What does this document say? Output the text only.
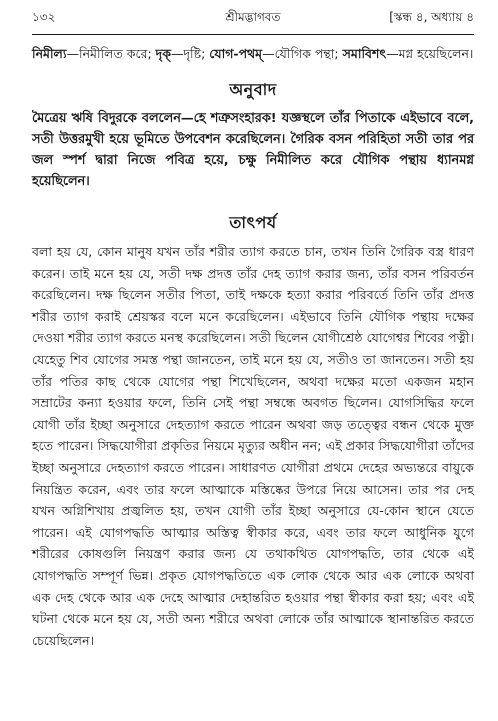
১৩২	শ্রীমদ্ভাগবত	[স্কন্ধ ৪, অধ্যায় ৪
নিমীল্য—নিমীলিত করে; দৃক্—দৃষ্টি; যোগ-পথম্—যৌগিক পন্থা; সমাবিশৎ—মগ্ন হয়েছিলেন।
অনুবাদ

মৈত্রেয় ঋষি বিদুরকে বললেন—হে শত্রুসংহারক! যজ্ঞস্থলে তাঁর পিতাকে এইভাবে বলে, সতী উত্তরমুখী হয়ে ভূমিতে উপবেশন করেছিলেন। গৈরিক বসন পরিহিতা সতী তার পর জল স্পর্শ দ্বারা নিজে পবিত্র হয়ে, চক্ষু নিমীলিত করে যৌগিক পন্থায় ধ্যানমগ্ন হয়েছিলেন।

তাৎপর্য

বলা হয় যে, কোন মানুষ যখন তাঁর শরীর ত্যাগ করতে চান, তখন তিনি গৈরিক বস্ত্র ধারণ করেন। তাই মনে হয় যে, সতী দক্ষ প্রদত্ত তাঁর দেহ ত্যাগ করার জন্য, তাঁর বসন পরিবর্তন করেছিলেন। দক্ষ ছিলেন সতীর পিতা, তাই দক্ষকে হত্যা করার পরিবর্তে তিনি তাঁর প্রদত্ত শরীর ত্যাগ করাই শ্রেয়স্কর বলে মনে করেছিলেন। এইভাবে তিনি যৌগিক পন্থায় দক্ষের দেওয়া শরীর ত্যাগ করতে মনস্থ করেছিলেন। সতী ছিলেন যোগীশ্রেষ্ঠ যোগেশ্বর শিবের পত্নী। যেহেতু শিব যোগের সমস্ত পন্থা জানতেন, তাই মনে হয় যে, সতীও তা জানতেন। সতী হয় তাঁর পতির কাছ থেকে যোগের পন্থা শিখেছিলেন, অথবা দক্ষের মতো একজন মহান সম্রাটের কন্যা হওয়ার ফলে, তিনি সেই পন্থা সম্বন্ধে অবগত ছিলেন। যোগসিদ্ধির ফলে যোগী তাঁর ইচ্ছা অনুসারে দেহত্যাগ করতে পারেন অথবা জড় তত্ত্বের বন্ধন থেকে মুক্ত হতে পারেন। সিদ্ধযোগীরা প্রকৃতির নিয়মে মৃত্যুর অধীন নন; এই প্রকার সিদ্ধযোগীরা তাঁদের ইচ্ছা অনুসারে দেহত্যাগ করতে পারেন। সাধারণত যোগীরা প্রথমে দেহের অভ্যন্তরে বায়ুকে নিয়ন্ত্রিত করেন, এবং তার ফলে আত্মাকে মস্তিষ্কের উপরে নিয়ে আসেন। তার পর দেহ যখন অগ্নিশিখায় প্রজ্বলিত হয়, তখন যোগী তাঁর ইচ্ছা অনুসারে যে-কোন স্থানে যেতে পারেন। এই যোগপদ্ধতি আত্মার অস্তিত্ব স্বীকার করে, এবং তার ফলে আধুনিক যুগে শরীরের কোষগুলি নিয়ন্ত্রণ করার জন্য যে তথাকথিত যোগপদ্ধতি, তার থেকে এই যোগপদ্ধতি সম্পূর্ণ ভিন্ন। প্রকৃত যোগপদ্ধতিতে এক লোক থেকে আর এক লোকে অথবা এক দেহ থেকে আর এক দেহে আত্মার দেহান্তরিত হওয়ার পন্থা স্বীকার করা হয়; এবং এই ঘটনা থেকে মনে হয় যে, সতী অন্য শরীরে অথবা লোকে তাঁর আত্মাকে স্থানান্তরিত করতে চেয়েছিলেন।
